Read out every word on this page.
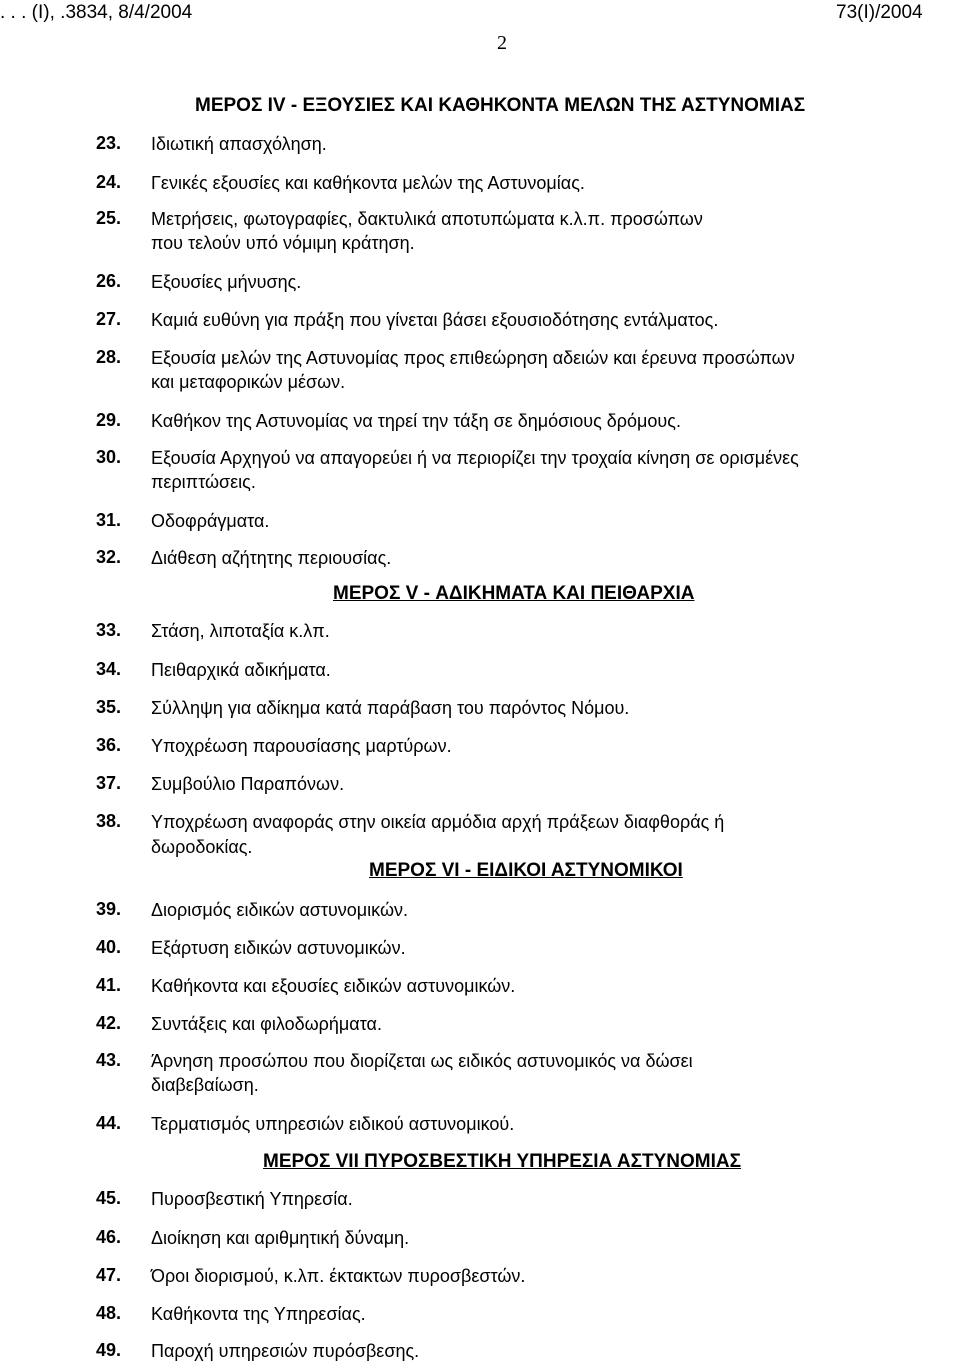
. . . (Ι), .3834, 8/4/2004	73(Ι)/2004
2
ΜΕΡΟΣ IV - ΕΞΟΥΣΙΕΣ ΚΑΙ ΚΑΘΗΚΟΝΤΑ ΜΕΛΩΝ ΤΗΣ ΑΣΤΥΝΟΜΙΑΣ
ΜΕΡΟΣ V - ΑΔΙΚΗΜΑΤΑ ΚΑΙ ΠΕΙΘΑΡΧΙΑ
ΜΕΡΟΣ VI - ΕΙΔΙΚΟΙ ΑΣΤΥΝΟΜΙΚΟΙ
ΜΕΡΟΣ VII ΠΥΡΟΣΒΕΣΤΙΚΗ ΥΠΗΡΕΣΙΑ ΑΣΤΥΝΟΜΙΑΣ
23. Ιδιωτική απασχόληση.
24. Γενικές εξουσίες και καθήκοντα μελών της Αστυνομίας.
25. Μετρήσεις, φωτογραφίες, δακτυλικά αποτυπώματα κ.λ.π. προσώπων
που τελούν υπό νόμιμη κράτηση.
26. Εξουσίες μήνυσης.
27. Καμιά ευθύνη για πράξη που γίνεται βάσει εξουσιοδότησης εντάλματος.
28. Εξουσία μελών της Αστυνομίας προς επιθεώρηση αδειών και έρευνα προσώπων
και μεταφορικών μέσων.
29. Καθήκον της Αστυνομίας να τηρεί την τάξη σε δημόσιους δρόμους.
30. Εξουσία Αρχηγού να απαγορεύει ή να περιορίζει την τροχαία κίνηση σε ορισμένες
περιπτώσεις.
31. Οδοφράγματα.
32. Διάθεση αζήτητης περιουσίας.
33. Στάση, λιποταξία κ.λπ.
34. Πειθαρχικά αδικήματα.
35. Σύλληψη για αδίκημα κατά παράβαση του παρόντος Νόμου.
36. Υποχρέωση παρουσίασης μαρτύρων.
37. Συμβούλιο Παραπόνων.
38. Υποχρέωση αναφοράς στην οικεία αρμόδια αρχή πράξεων διαφθοράς ή
δωροδοκίας.
39. Διορισμός ειδικών αστυνομικών.
40. Εξάρτυση ειδικών αστυνομικών.
41. Καθήκοντα και εξουσίες ειδικών αστυνομικών.
42. Συντάξεις και φιλοδωρήματα.
43. Άρνηση προσώπου που διορίζεται ως ειδικός αστυνομικός να δώσει
διαβεβαίωση.
44. Τερματισμός υπηρεσιών ειδικού αστυνομικού.
45. Πυροσβεστική Υπηρεσία.
46. Διοίκηση και αριθμητική δύναμη.
47. Όροι διορισμού, κ.λπ. έκτακτων πυροσβεστών.
48. Καθήκοντα της Υπηρεσίας.
49. Παροχή υπηρεσιών πυρόσβεσης.
